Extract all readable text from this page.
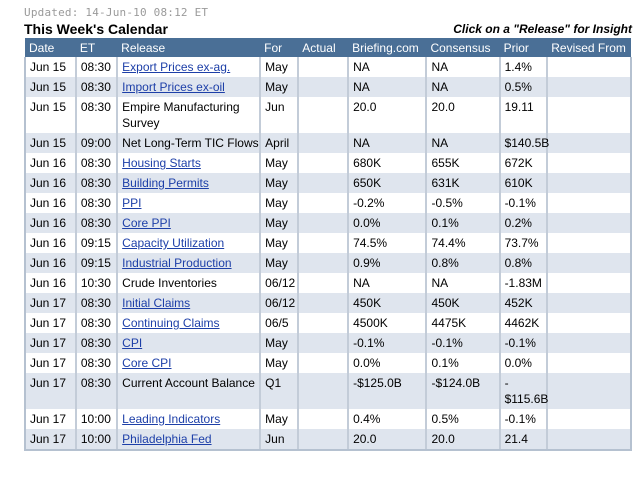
Updated: 14-Jun-10 08:12 ET
This Week's Calendar	Click on a "Release" for Insight
Date	ET	Release	For	Actual	Briefing.com	Consensus	Prior	Revised From
Jun 15	08:30	Export Prices ex-ag.	May		NA	NA	1.4%	
Jun 15	08:30	Import Prices ex-oil	May		NA	NA	0.5%	
Jun 15	08:30	Empire Manufacturing Survey	Jun		20.0	20.0	19.11	
Jun 15	09:00	Net Long-Term TIC Flows	April		NA	NA	$140.5B	
Jun 16	08:30	Housing Starts	May		680K	655K	672K	
Jun 16	08:30	Building Permits	May		650K	631K	610K	
Jun 16	08:30	PPI	May		-0.2%	-0.5%	-0.1%	
Jun 16	08:30	Core PPI	May		0.0%	0.1%	0.2%	
Jun 16	09:15	Capacity Utilization	May		74.5%	74.4%	73.7%	
Jun 16	09:15	Industrial Production	May		0.9%	0.8%	0.8%	
Jun 16	10:30	Crude Inventories	06/12		NA	NA	-1.83M	
Jun 17	08:30	Initial Claims	06/12		450K	450K	452K	
Jun 17	08:30	Continuing Claims	06/5		4500K	4475K	4462K	
Jun 17	08:30	CPI	May		-0.1%	-0.1%	-0.1%	
Jun 17	08:30	Core CPI	May		0.0%	0.1%	0.0%	
Jun 17	08:30	Current Account Balance	Q1		-$125.0B	-$124.0B	- $115.6B	
Jun 17	10:00	Leading Indicators	May		0.4%	0.5%	-0.1%	
Jun 17	10:00	Philadelphia Fed	Jun		20.0	20.0	21.4	
